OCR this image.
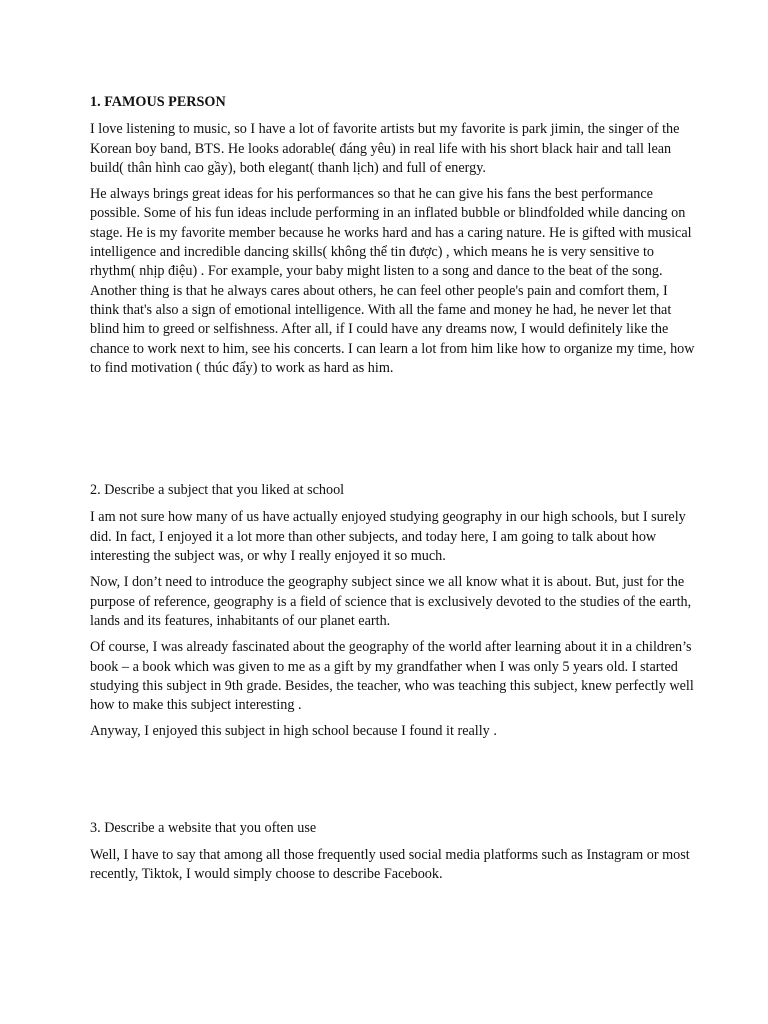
1. FAMOUS PERSON

I love listening to music, so I have a lot of favorite artists but my favorite is park jimin, the singer of the Korean boy band, BTS. He looks adorable( đáng yêu) in real life with his short black hair and tall lean build( thân hình cao gầy), both elegant( thanh lịch) and full of energy.

He always brings great ideas for his performances so that he can give his fans the best performance possible. Some of his fun ideas include performing in an inflated bubble or blindfolded while dancing on stage. He is my favorite member because he works hard and has a caring nature. He is gifted with musical intelligence and incredible dancing skills( không thể tin được) , which means he is very sensitive to rhythm( nhịp điệu) . For example, your baby might listen to a song and dance to the beat of the song. Another thing is that he always cares about others, he can feel other people's pain and comfort them, I think that's also a sign of emotional intelligence. With all the fame and money he had, he never let that blind him to greed or selfishness. After all, if I could have any dreams now, I would definitely like the chance to work next to him, see his concerts. I can learn a lot from him like how to organize my time, how to find motivation ( thúc đẩy) to work as hard as him.

2. Describe a subject that you liked at school

I am not sure how many of us have actually enjoyed studying geography in our high schools, but I surely did. In fact, I enjoyed it a lot more than other subjects, and today here, I am going to talk about how interesting the subject was, or why I really enjoyed it so much.

Now, I don’t need to introduce the geography subject since we all know what it is about. But, just for the purpose of reference, geography is a field of science that is exclusively devoted to the studies of the earth, lands and its features, inhabitants of our planet earth.

Of course, I was already fascinated about the geography of the world after learning about it in a children’s book – a book which was given to me as a gift by my grandfather when I was only 5 years old. I started studying this subject in 9th grade. Besides, the teacher, who was teaching this subject, knew perfectly well how to make this subject interesting .

Anyway, I enjoyed this subject in high school because I found it really .

3. Describe a website that you often use

Well, I have to say that among all those frequently used social media platforms such as Instagram or most recently, Tiktok, I would simply choose to describe Facebook.
